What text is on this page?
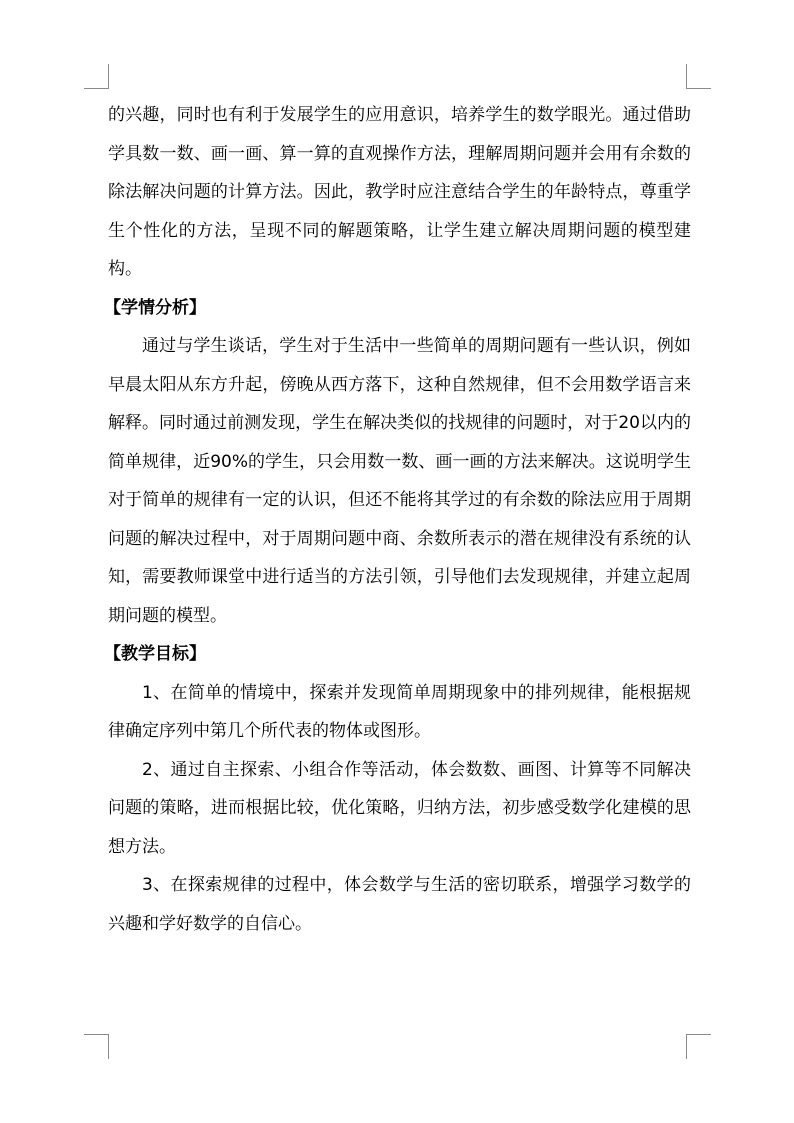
的兴趣，同时也有利于发展学生的应用意识，培养学生的数学眼光。通过借助学具数一数、画一画、算一算的直观操作方法，理解周期问题并会用有余数的除法解决问题的计算方法。因此，教学时应注意结合学生的年龄特点，尊重学生个性化的方法，呈现不同的解题策略，让学生建立解决周期问题的模型建构。

【学情分析】

通过与学生谈话，学生对于生活中一些简单的周期问题有一些认识，例如早晨太阳从东方升起，傍晚从西方落下，这种自然规律，但不会用数学语言来解释。同时通过前测发现，学生在解决类似的找规律的问题时，对于20以内的简单规律，近90%的学生，只会用数一数、画一画的方法来解决。这说明学生对于简单的规律有一定的认识，但还不能将其学过的有余数的除法应用于周期问题的解决过程中，对于周期问题中商、余数所表示的潜在规律没有系统的认知，需要教师课堂中进行适当的方法引领，引导他们去发现规律，并建立起周期问题的模型。

【教学目标】

1、在简单的情境中，探索并发现简单周期现象中的排列规律，能根据规律确定序列中第几个所代表的物体或图形。

2、通过自主探索、小组合作等活动，体会数数、画图、计算等不同解决问题的策略，进而根据比较，优化策略，归纳方法，初步感受数学化建模的思想方法。

3、在探索规律的过程中，体会数学与生活的密切联系，增强学习数学的兴趣和学好数学的自信心。
